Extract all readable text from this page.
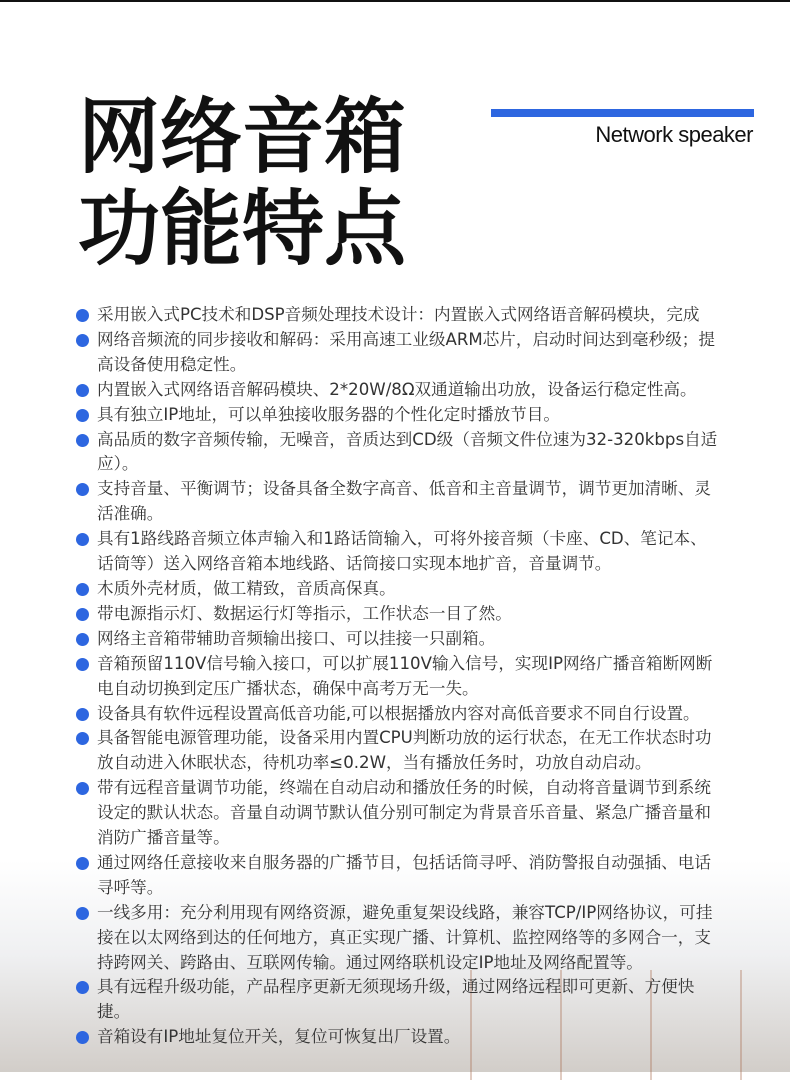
网络音箱
功能特点
Network speaker
采用嵌入式PC技术和DSP音频处理技术设计：内置嵌入式网络语音解码模块，完成
网络音频流的同步接收和解码：采用高速工业级ARM芯片，启动时间达到毫秒级；提高设备使用稳定性。
内置嵌入式网络语音解码模块、2*20W/8Ω双通道输出功放，设备运行稳定性高。
具有独立IP地址，可以单独接收服务器的个性化定时播放节目。
高品质的数字音频传输，无噪音，音质达到CD级（音频文件位速为32-320kbps自适应）。
支持音量、平衡调节；设备具备全数字高音、低音和主音量调节，调节更加清晰、灵活准确。
具有1路线路音频立体声输入和1路话筒输入，可将外接音频（卡座、CD、笔记本、话筒等）送入网络音箱本地线路、话筒接口实现本地扩音，音量调节。
木质外壳材质，做工精致，音质高保真。
带电源指示灯、数据运行灯等指示，工作状态一目了然。
网络主音箱带辅助音频输出接口、可以挂接一只副箱。
音箱预留110V信号输入接口，可以扩展110V输入信号，实现IP网络广播音箱断网断电自动切换到定压广播状态，确保中高考万无一失。
设备具有软件远程设置高低音功能,可以根据播放内容对高低音要求不同自行设置。
具备智能电源管理功能，设备采用内置CPU判断功放的运行状态，在无工作状态时功放自动进入休眠状态，待机功率≤0.2W，当有播放任务时，功放自动启动。
带有远程音量调节功能，终端在自动启动和播放任务的时候，自动将音量调节到系统设定的默认状态。音量自动调节默认值分别可制定为背景音乐音量、紧急广播音量和消防广播音量等。
通过网络任意接收来自服务器的广播节目，包括话筒寻呼、消防警报自动强插、电话寻呼等。
一线多用：充分利用现有网络资源，避免重复架设线路，兼容TCP/IP网络协议，可挂接在以太网络到达的任何地方，真正实现广播、计算机、监控网络等的多网合一，支持跨网关、跨路由、互联网传输。通过网络联机设定IP地址及网络配置等。
具有远程升级功能，产品程序更新无须现场升级，通过网络远程即可更新、方便快捷。
音箱设有IP地址复位开关，复位可恢复出厂设置。
